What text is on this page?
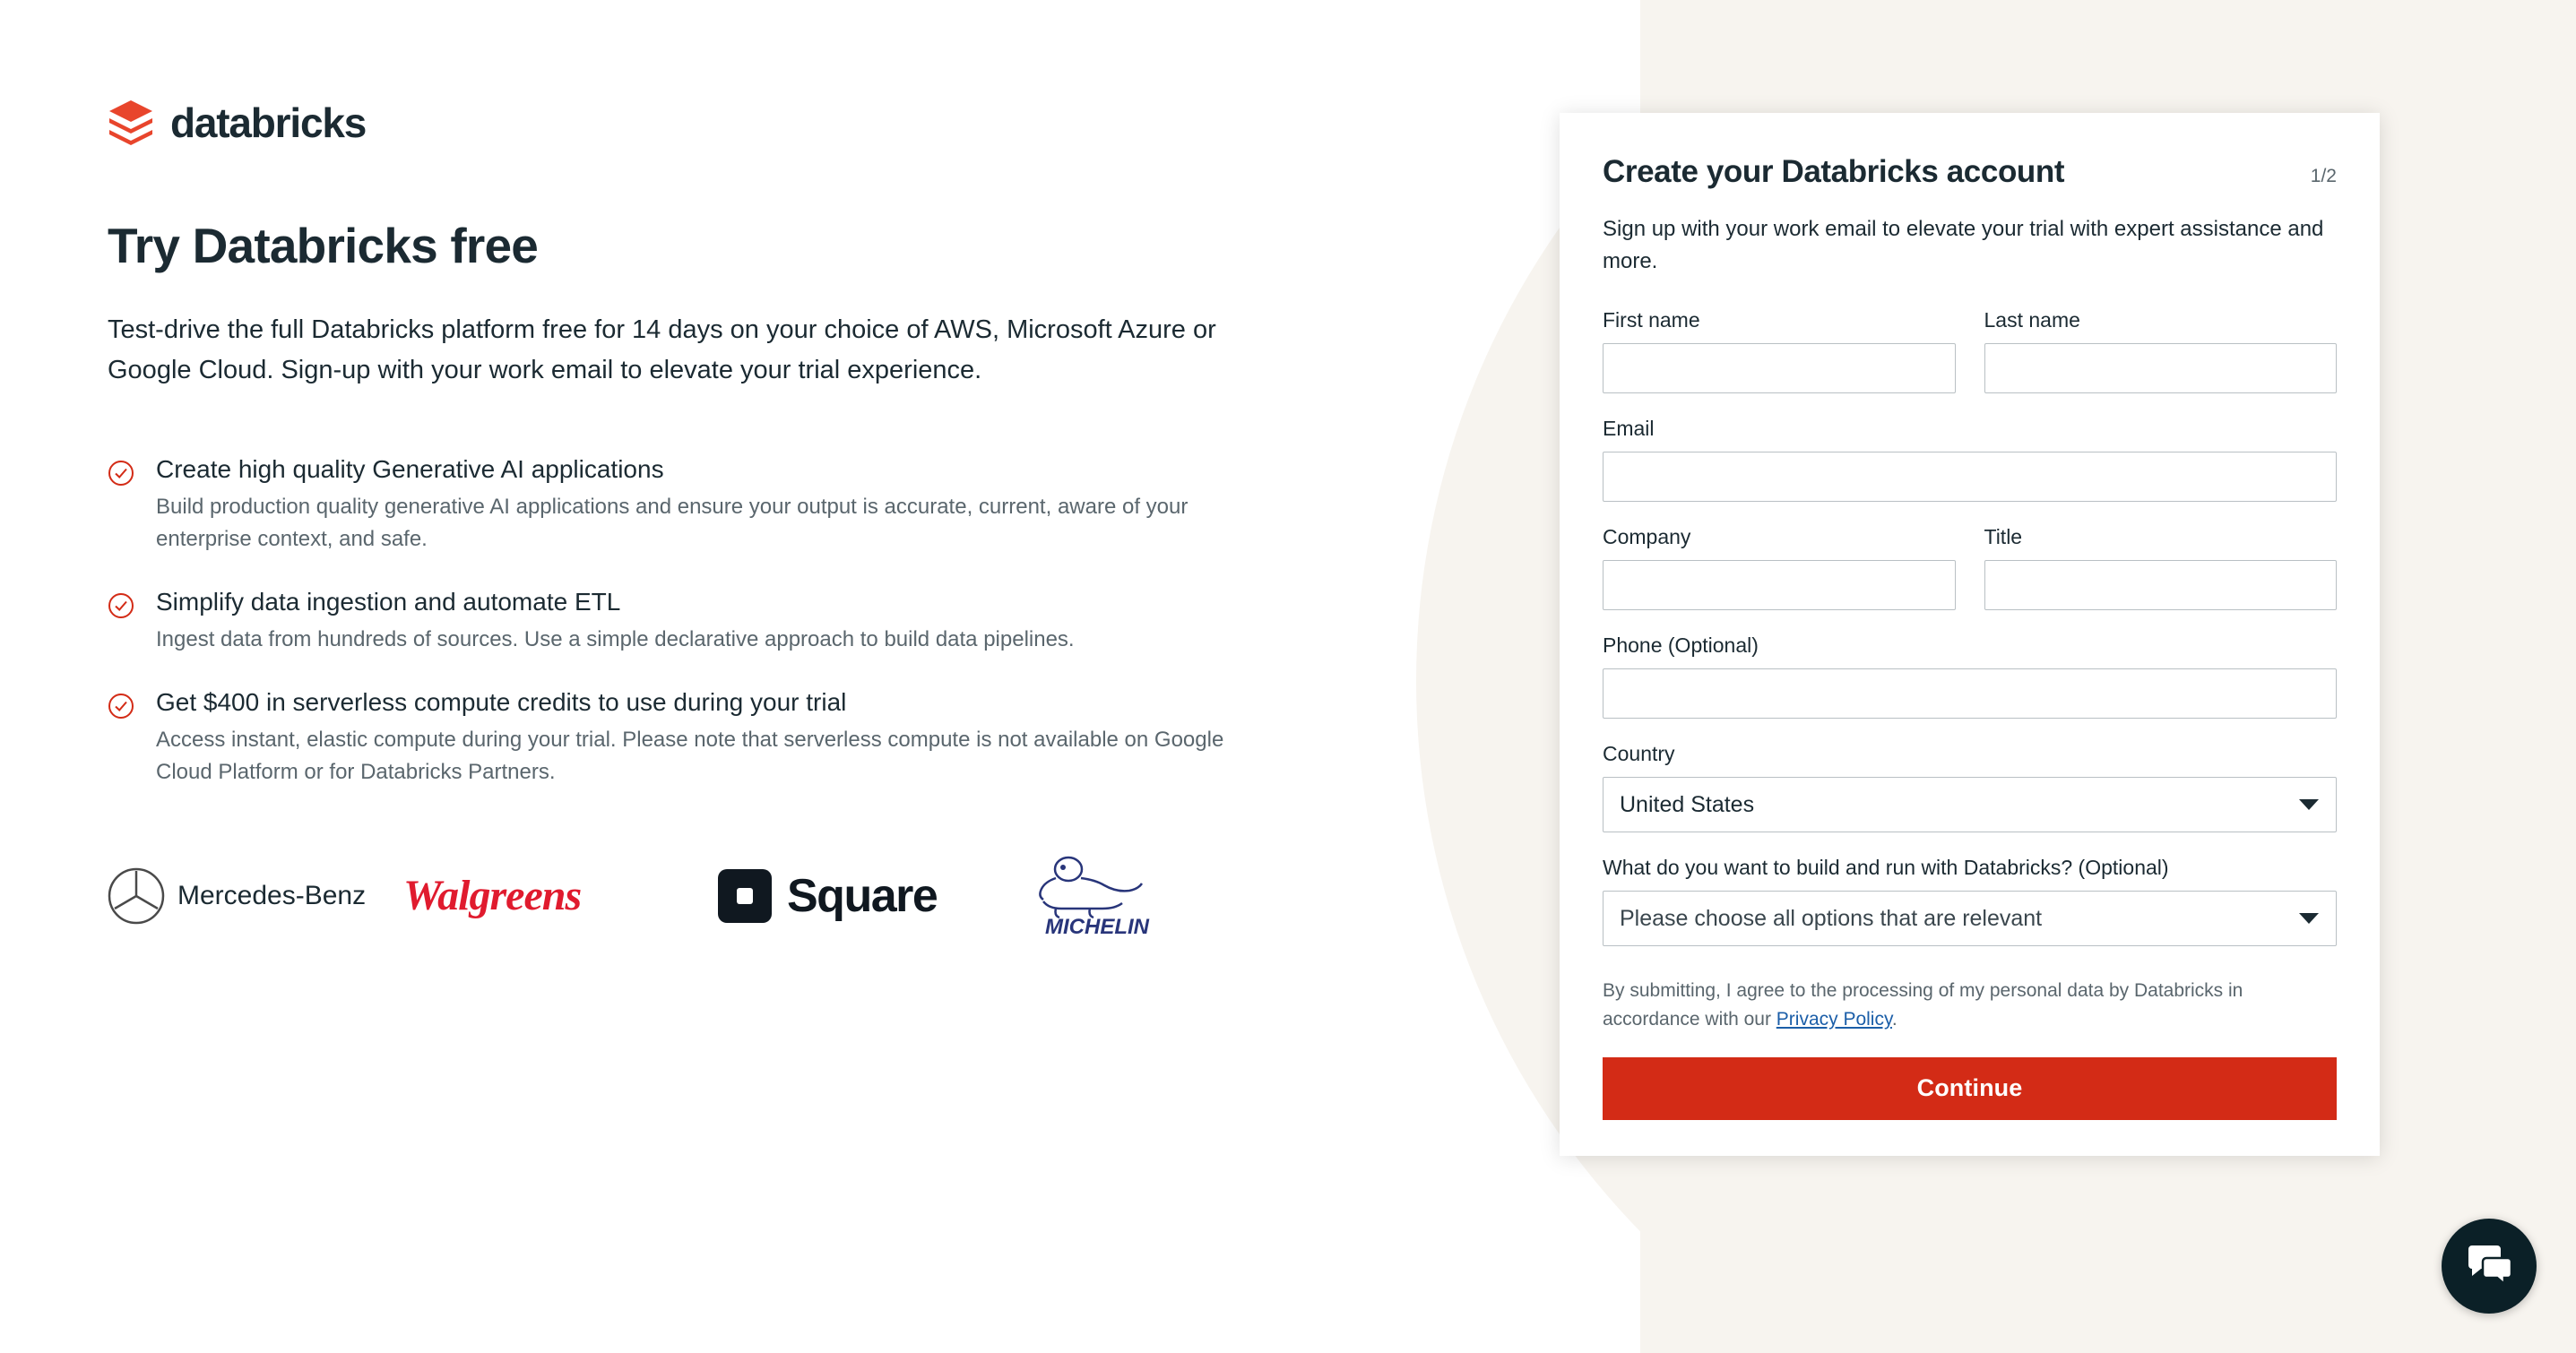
databricks
Try Databricks free

Test-drive the full Databricks platform free for 14 days on your choice of AWS, Microsoft Azure or Google Cloud. Sign-up with your work email to elevate your trial experience.

Create high quality Generative AI applications

Build production quality generative AI applications and ensure your output is accurate, current, aware of your enterprise context, and safe.

Simplify data ingestion and automate ETL

Ingest data from hundreds of sources. Use a simple declarative approach to build data pipelines.

Get $400 in serverless compute credits to use during your trial

Access instant, elastic compute during your trial. Please note that serverless compute is not available on Google Cloud Platform or for Databricks Partners.

Mercedes-Benz Walgreens	Square
MICHELIN
Create your Databricks account	1/2

Sign up with your work email to elevate your trial with expert assistance and more.

First name	Last name
Email
Company	Title
Phone (Optional)
Country
United States
What do you want to build and run with Databricks? (Optional)
Please choose all options that are relevant

By submitting, I agree to the processing of my personal data by Databricks in accordance with our Privacy Policy.

Continue
